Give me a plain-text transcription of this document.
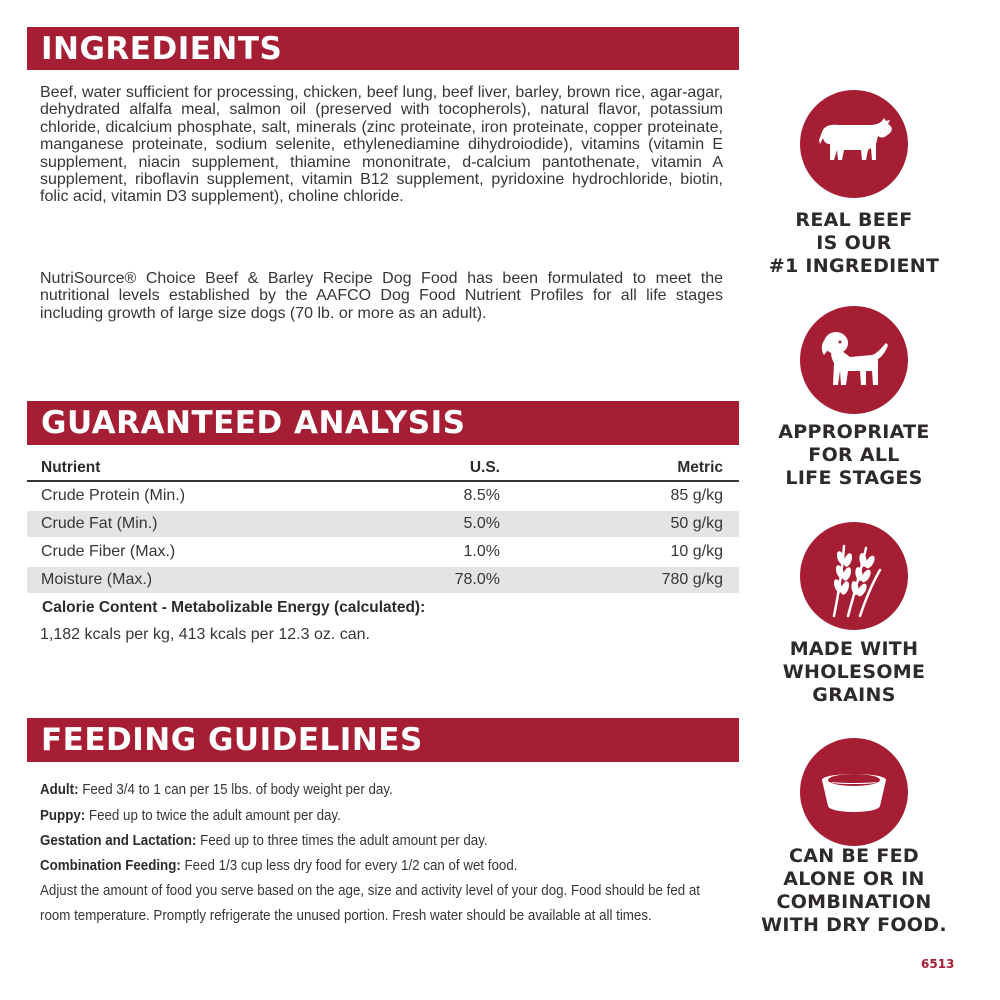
INGREDIENTS

Beef, water sufficient for processing, chicken, beef lung, beef liver, barley, brown rice, agar-agar, dehydrated alfalfa meal, salmon oil (preserved with tocopherols), natural flavor, potassium chloride, dicalcium phosphate, salt, minerals (zinc proteinate, iron proteinate, copper proteinate, manganese proteinate, sodium selenite, ethylenediamine dihydroiodide), vitamins (vitamin E supplement, niacin supplement, thiamine mononitrate, d-calcium pantothenate, vitamin A supplement, riboflavin supplement, vitamin B12 supplement, pyridoxine hydrochloride, biotin, folic acid, vitamin D3 supplement), choline chloride.

NutriSource® Choice Beef & Barley Recipe Dog Food has been formulated to meet the nutritional levels established by the AAFCO Dog Food Nutrient Profiles for all life stages including growth of large size dogs (70 lb. or more as an adult).

GUARANTEED ANALYSIS
Nutrient	U.S.	Metric
Crude Protein (Min.)	8.5%	85 g/kg
Crude Fat (Min.)	5.0%	50 g/kg
Crude Fiber (Max.)	1.0%	10 g/kg
Moisture (Max.)	78.0%	780 g/kg
Calorie Content - Metabolizable Energy (calculated):
1,182 kcals per kg, 413 kcals per 12.3 oz. can.
FEEDING GUIDELINES
Adult: Feed 3/4 to 1 can per 15 lbs. of body weight per day.
Puppy: Feed up to twice the adult amount per day.
Gestation and Lactation: Feed up to three times the adult amount per day.
Combination Feeding: Feed 1/3 cup less dry food for every 1/2 can of wet food.
Adjust the amount of food you serve based on the age, size and activity level of your dog. Food should be fed at room temperature. Promptly refrigerate the unused portion. Fresh water should be available at all times.
REAL BEEF
IS OUR
#1 INGREDIENT
APPROPRIATE
FOR ALL
LIFE STAGES
MADE WITH
WHOLESOME
GRAINS
CAN BE FED
ALONE OR IN
COMBINATION
WITH DRY FOOD.
6513
